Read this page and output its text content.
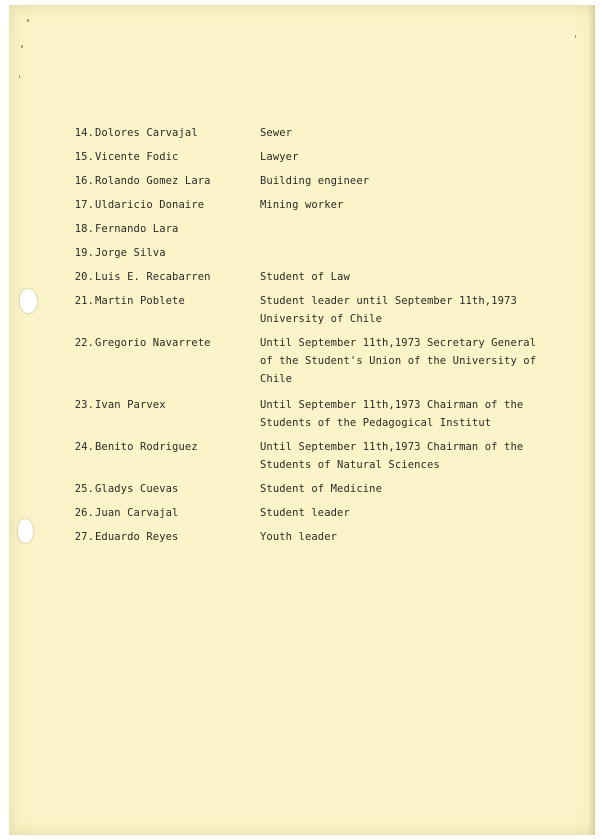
14. Dolores Carvajal	Sewer
15. Vicente Fodic	Lawyer
16. Rolando Gomez Lara	Building engineer
17. Uldaricio Donaire	Mining worker
18. Fernando Lara
19. Jorge Silva
20. Luis E. Recabarren	Student of Law
21. Martin Poblete	Student leader until September 11th,1973
University of Chile
22. Gregorio Navarrete	Until September 11th,1973 Secretary General
of the Student's Union of the University of
Chile
23. Ivan Parvex	Until September 11th,1973 Chairman of the
Students of the Pedagogical Institut
24. Benito Rodriguez	Until September 11th,1973 Chairman of the
Students of Natural Sciences
25. Gladys Cuevas	Student of Medicine
26. Juan Carvajal	Student leader
27. Eduardo Reyes	Youth leader
